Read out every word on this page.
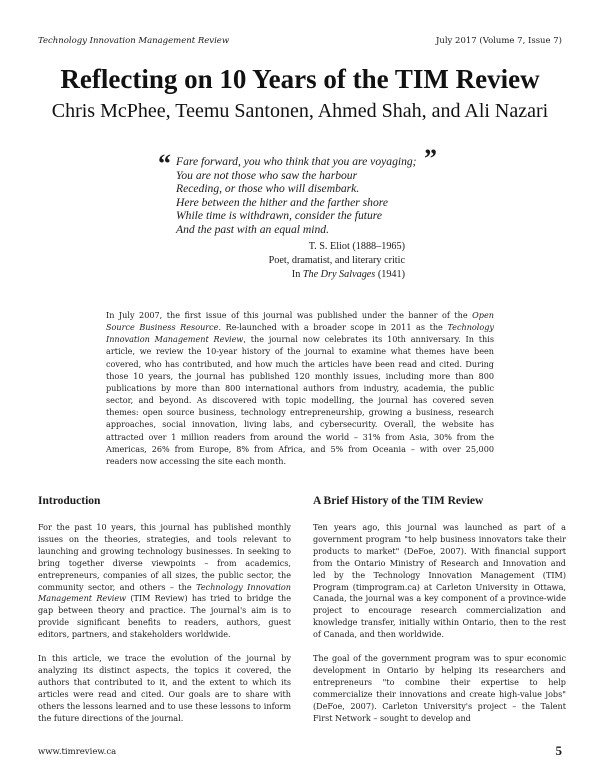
Technology Innovation Management Review	July 2017 (Volume 7, Issue 7)
Reflecting on 10 Years of the TIM Review
Chris McPhee, Teemu Santonen, Ahmed Shah, and Ali Nazari
“	”
Fare forward, you who think that you are voyaging;
You are not those who saw the harbour
Receding, or those who will disembark.
Here between the hither and the farther shore
While time is withdrawn, consider the future
And the past with an equal mind.
T. S. Eliot (1888–1965)
Poet, dramatist, and literary critic
In The Dry Salvages (1941)

In July 2007, the first issue of this journal was published under the banner of the Open Source Business Resource. Re-launched with a broader scope in 2011 as the Technology Innovation Management Review, the journal now celebrates its 10th anniversary. In this article, we review the 10-year history of the journal to examine what themes have been covered, who has contributed, and how much the articles have been read and cited. During those 10 years, the journal has published 120 monthly issues, including more than 800 publications by more than 800 international authors from industry, academia, the public sector, and beyond. As discovered with topic modelling, the journal has covered seven themes: open source business, technology entrepreneurship, growing a business, research approaches, social innovation, living labs, and cybersecurity. Overall, the website has attracted over 1 million readers from around the world – 31% from Asia, 30% from the Americas, 26% from Europe, 8% from Africa, and 5% from Oceania – with over 25,000 readers now accessing the site each month.

Introduction

For the past 10 years, this journal has published monthly issues on the theories, strategies, and tools relevant to launching and growing technology businesses. In seeking to bring together diverse viewpoints – from academics, entrepreneurs, companies of all sizes, the public sector, the community sector, and others – the Technology Innovation Management Review (TIM Review) has tried to bridge the gap between theory and practice. The journal's aim is to provide significant benefits to readers, authors, guest editors, partners, and stakeholders worldwide.

In this article, we trace the evolution of the journal by analyzing its distinct aspects, the topics it covered, the authors that contributed to it, and the extent to which its articles were read and cited. Our goals are to share with others the lessons learned and to use these lessons to inform the future directions of the journal.

A Brief History of the TIM Review

Ten years ago, this journal was launched as part of a government program "to help business innovators take their products to market" (DeFoe, 2007). With financial support from the Ontario Ministry of Research and Innovation and led by the Technology Innovation Management (TIM) Program (timprogram.ca) at Carleton University in Ottawa, Canada, the journal was a key component of a province-wide project to encourage research commercialization and knowledge transfer, initially within Ontario, then to the rest of Canada, and then worldwide.

The goal of the government program was to spur economic development in Ontario by helping its researchers and entrepreneurs "to combine their expertise to help commercialize their innovations and create high-value jobs" (DeFoe, 2007). Carleton University's project – the Talent First Network – sought to develop and

www.timreview.ca	5
